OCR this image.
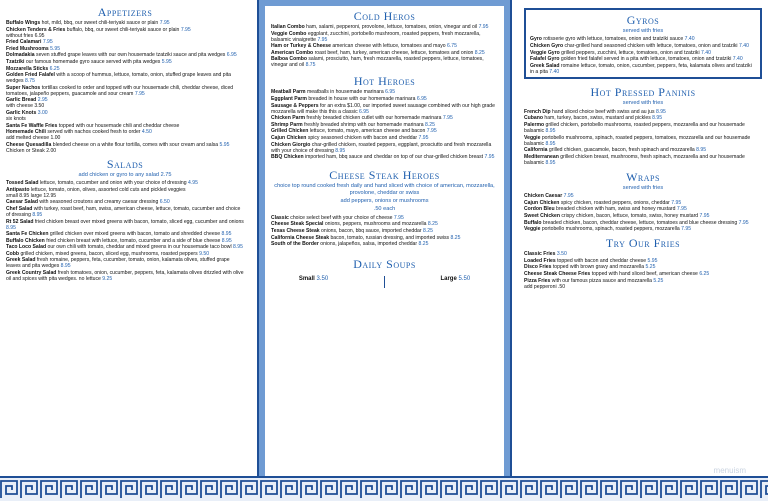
Appetizers
Buffalo Wings hot, mild, bbq, our sweet chili-teriyaki sauce or plain 7.95
Chicken Tenders & Fries buffalo, bbq, our sweet chili-teriyaki sauce or plain 7.95
without fries 6.95
Fried Calamari 7.95
Fried Mushrooms 5.95
Dolmadakia seven stuffed grape leaves with our own housemade tzatziki sauce and pita wedges 6.95
Tzatziki our famous homemade gyro sauce served with pita wedges 5.95
Mozzarella Sticks 6.25
Golden Fried Falafel with a scoop of hummus, lettuce, tomato, onion, stuffed grape leaves and pita wedges 8.75
Super Nachos tortillas cooked to order and topped with our housemade chili, cheddar cheese, diced tomatoes, jalapeño peppers, guacamole and sour cream 7.95
Garlic Bread 2.95
with cheese 3.50
Garlic Knots 3.00
six knots
Santa Fe Waffle Fries topped with our housemade chili and cheddar cheese
Homemade Chili served with nachos cooked fresh to order 4.50
add melted cheese 1.00
Cheese Quesadilla blended cheese on a white flour tortilla, comes with sour cream and salsa 5.95
Chicken or Steak 2.00
Salads
add chicken or gyro to any salad 2.75
Tossed Salad lettuce, tomato, cucumber and onion with your choice of dressing 4.95
Antipasto lettuce, tomato, onion, olives, assorted cold cuts and pickled veggies
small 8.95 large 12.95
Caesar Salad with seasoned croutons and creamy caesar dressing 6.50
Chef Salad with turkey, roast beef, ham, swiss, american cheese, lettuce, tomato, cucumber and choice of dressing 8.95
Rt 52 Salad fried chicken breast over mixed greens with bacon, tomato, sliced egg, cucumber and onions 8.95
Santa Fe Chicken grilled chicken over mixed greens with bacon, tomato and shredded cheese 8.95
Buffalo Chicken fried chicken breast with lettuce, tomato, cucumber and a side of blue cheese 8.95
Taco Loco Salad our own chili with tomato, cheddar and mixed greens in our housemade taco bowl 8.95
Cobb grilled chicken, mixed greens, bacon, sliced egg, mushrooms, roasted peppers 9.50
Greek Salad fresh romaine, peppers, feta, cucumber, tomato, onion, kalamata olives, stuffed grape leaves and pita wedges 8.95
Greek Country Salad fresh tomatoes, onion, cucumber, peppers, feta, kalamata olives drizzled with olive oil and spices with pita wedges. no lettuce 9.25
Cold Heros
Italian Combo ham, salami, pepperoni, provolone, lettuce, tomatoes, onion, vinegar and oil 7.95
Veggie Combo eggplant, zucchini, portobello mushroom, roasted peppers, fresh mozzarella, balsamic vinaigrette 7.95
Ham or Turkey & Cheese american cheese with lettuce, tomatoes and mayo 6.75
American Combo roast beef, ham, turkey, american cheese, lettuce, tomatoes and onion 8.25
Balboa Combo salami, prosciutto, ham, fresh mozzarella, roasted peppers, lettuce, tomatoes, vinegar and oil 8.75
Hot Heroes
Meatball Parm meatballs in housemade marinara 6.95
Eggplant Parm breaded in house with our homemade marinara 6.95
Sausage & Peppers for an extra $1.00, our imported sweet sausage combined with our high grade mozzarella will make this this a classic 6.95
Chicken Parm freshly breaded chicken cutlet with our homemade marinara 7.95
Shrimp Parm freshly breaded shrimp with our homemade marinara 8.25
Grilled Chicken lettuce, tomato, mayo, american cheese and bacon 7.95
Cajun Chicken spicy seasoned chicken with bacon and cheddar 7.95
Chicken Giorgio char-grilled chicken, roasted peppers, eggplant, prosciutto and fresh mozzarella with your choice of dressing 8.95
BBQ Chicken imported ham, bbq sauce and cheddar on top of our char-grilled chicken breast 7.95
Cheese Steak Heroes
choice top round cooked fresh daily and hand sliced with choice of american, mozzarella, provolone, cheddar or swiss
add peppers, onions or mushrooms
.50 each
Classic choice select beef with your choice of cheese 7.95
Cheese Steak Special onions, peppers, mushrooms and mozzarella 8.25
Texas Cheese Steak onions, bacon, bbq sauce, imported cheddar 8.25
California Cheese Steak bacon, tomato, russian dressing, and imported swiss 8.25
South of the Border onions, jalapeños, salsa, imported cheddar 8.25
Daily Soups
Small 3.50	Large 5.50
Gyros
served with fries
Gyro rotisserie gyro with lettuce, tomatoes, onion and tzatziki sauce 7.40
Chicken Gyro char-grilled hand seasoned chicken with lettuce, tomatoes, onion and tzatziki 7.40
Veggie Gyro grilled peppers, zucchini, lettuce, tomatoes, onion and tzatziki 7.40
Falafel Gyro golden fried falafel served in a pita with lettuce, tomatoes, onion and tzatziki 7.40
Greek Salad romaine lettuce, tomato, onion, cucumber, peppers, feta, kalamata olives and tzatziki in a pita 7.40
Hot Pressed Paninis
served with fries
French Dip hand sliced choice beef with swiss and au jus 8.95
Cubano ham, turkey, bacon, swiss, mustard and pickles 8.95
Palermo grilled chicken, portobello mushrooms, roasted peppers, mozzarella and our housemade balsamic 8.95
Veggie portobello mushrooms, spinach, roasted peppers, tomatoes, mozzarella and our housemade balsamic 8.95
California grilled chicken, guacamole, bacon, fresh spinach and mozzarella 8.95
Mediterranean grilled chicken breast, mushrooms, fresh spinach, mozzarella and our housemade balsamic 8.95
Wraps
served with fries
Chicken Caesar 7.95
Cajun Chicken spicy chicken, roasted peppers, onions, cheddar 7.95
Cordon Bleu breaded chicken with ham, swiss and honey mustard 7.95
Sweet Chicken crispy chicken, bacon, lettuce, tomato, swiss, honey mustard 7.95
Buffalo breaded chicken, bacon, cheddar cheese, lettuce, tomatoes and blue cheese dressing 7.95
Veggie portobello mushrooms, spinach, roasted peppers, mozzarella 7.95
Try Our Fries
Classic Fries 3.50
Loaded Fries topped with bacon and cheddar cheese 5.95
Disco Fries topped with brown gravy and mozzarella 5.25
Cheese Steak Cheese Fries topped with hand sliced beef, american cheese 6.25
Pizza Fries with our famous pizza sauce and mozzarella 5.25
add pepperoni .50
menuism
